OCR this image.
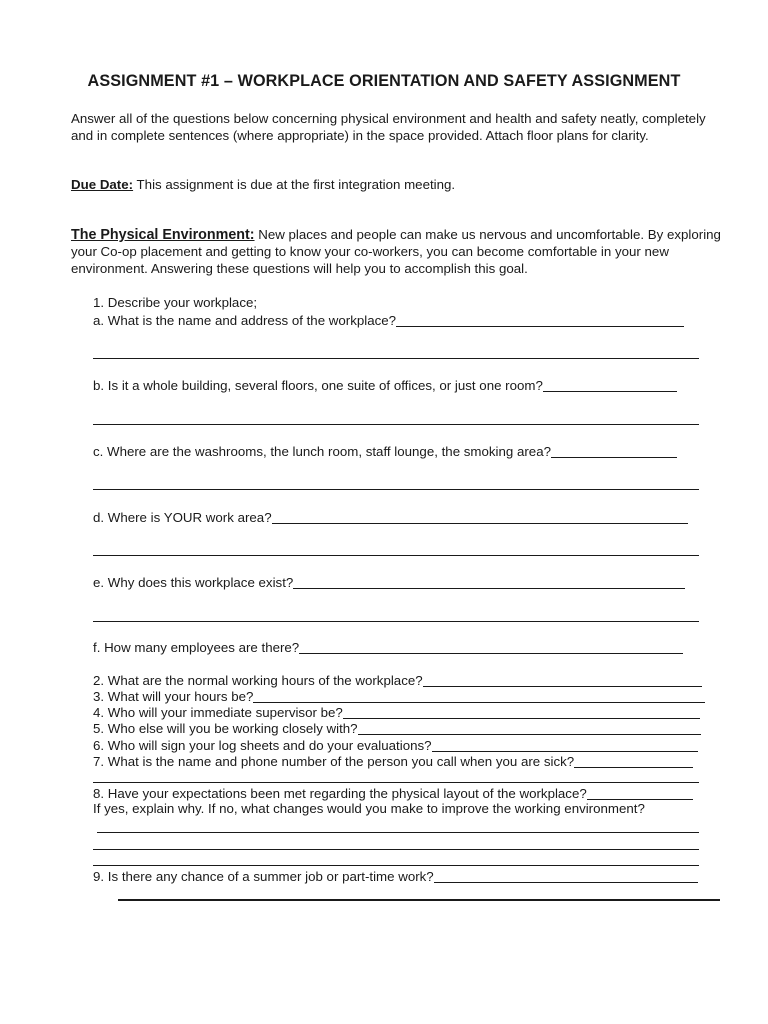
ASSIGNMENT #1 – WORKPLACE ORIENTATION AND SAFETY ASSIGNMENT

Answer all of the questions below concerning physical environment and health and safety neatly, completely and in complete sentences (where appropriate) in the space provided. Attach floor plans for clarity.

Due Date: This assignment is due at the first integration meeting.

The Physical Environment: New places and people can make us nervous and uncomfortable. By exploring your Co-op placement and getting to know your co-workers, you can become comfortable in your new environment. Answering these questions will help you to accomplish this goal.

1. Describe your workplace;
a. What is the name and address of the workplace?
b. Is it a whole building, several floors, one suite of offices, or just one room?
c. Where are the washrooms, the lunch room, staff lounge, the smoking area?
d. Where is YOUR work area?
e. Why does this workplace exist?
f. How many employees are there?
2. What are the normal working hours of the workplace?
3. What will your hours be?
4. Who will your immediate supervisor be?
5. Who else will you be working closely with?
6. Who will sign your log sheets and do your evaluations?
7. What is the name and phone number of the person you call when you are sick?
8. Have your expectations been met regarding the physical layout of the workplace?
If yes, explain why. If no, what changes would you make to improve the working environment?
9. Is there any chance of a summer job or part-time work?
